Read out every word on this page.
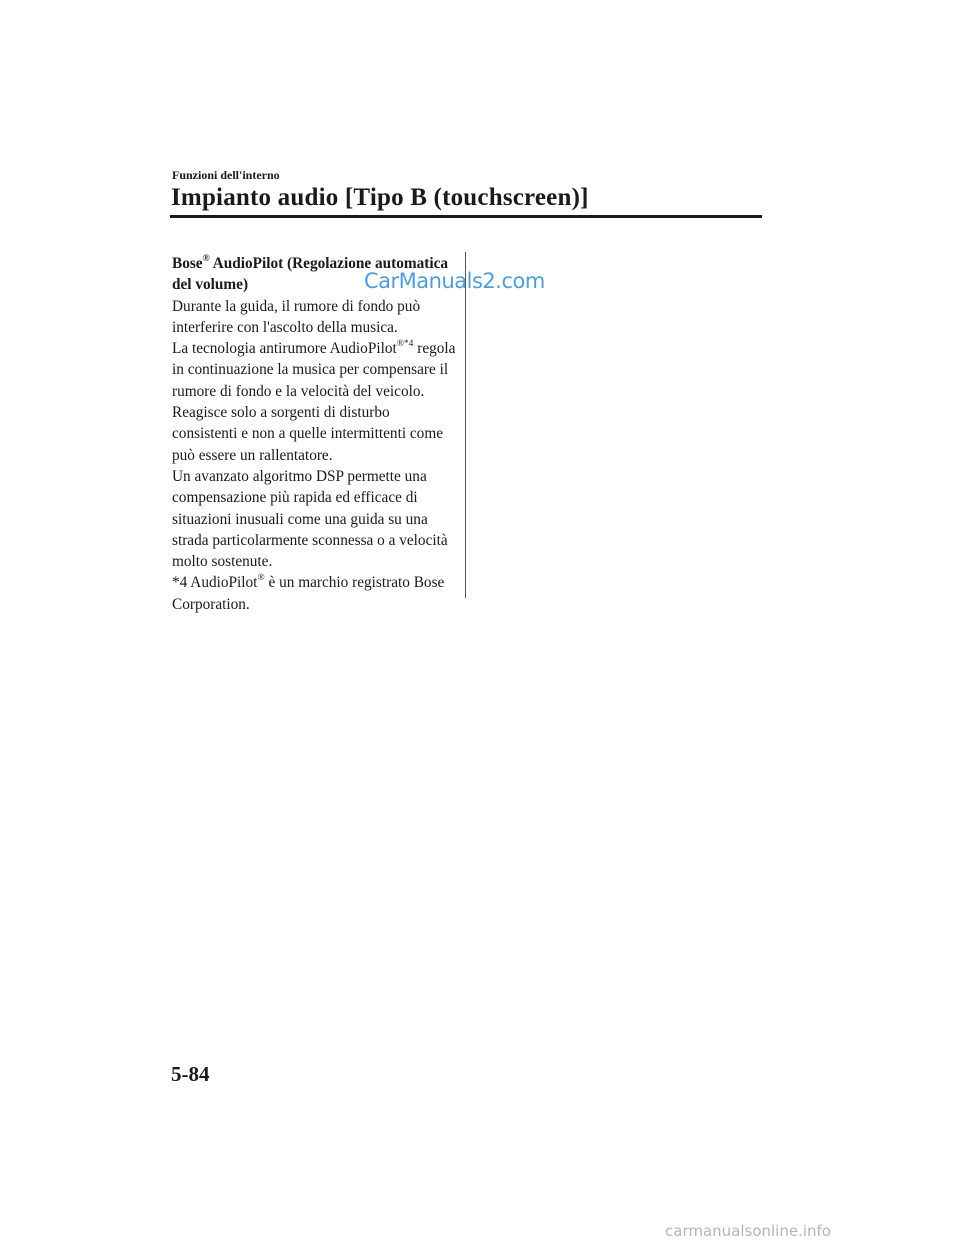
Funzioni dell'interno
Impianto audio [Tipo B (touchscreen)]

Bose® AudioPilot (Regolazione automatica del volume)

Durante la guida, il rumore di fondo può interferire con l'ascolto della musica.

La tecnologia antirumore AudioPilot$^{®*4}$ regola in continuazione la musica per compensare il rumore di fondo e la velocità del veicolo.

Reagisce solo a sorgenti di disturbo consistenti e non a quelle intermittenti come può essere un rallentatore.

Un avanzato algoritmo DSP permette una compensazione più rapida ed efficace di situazioni inusuali come una guida su una strada particolarmente sconnessa o a velocità molto sostenute.

*4 AudioPilot® è un marchio registrato Bose Corporation.

CarManuals2.com
5-84
carmanualsonline.info
